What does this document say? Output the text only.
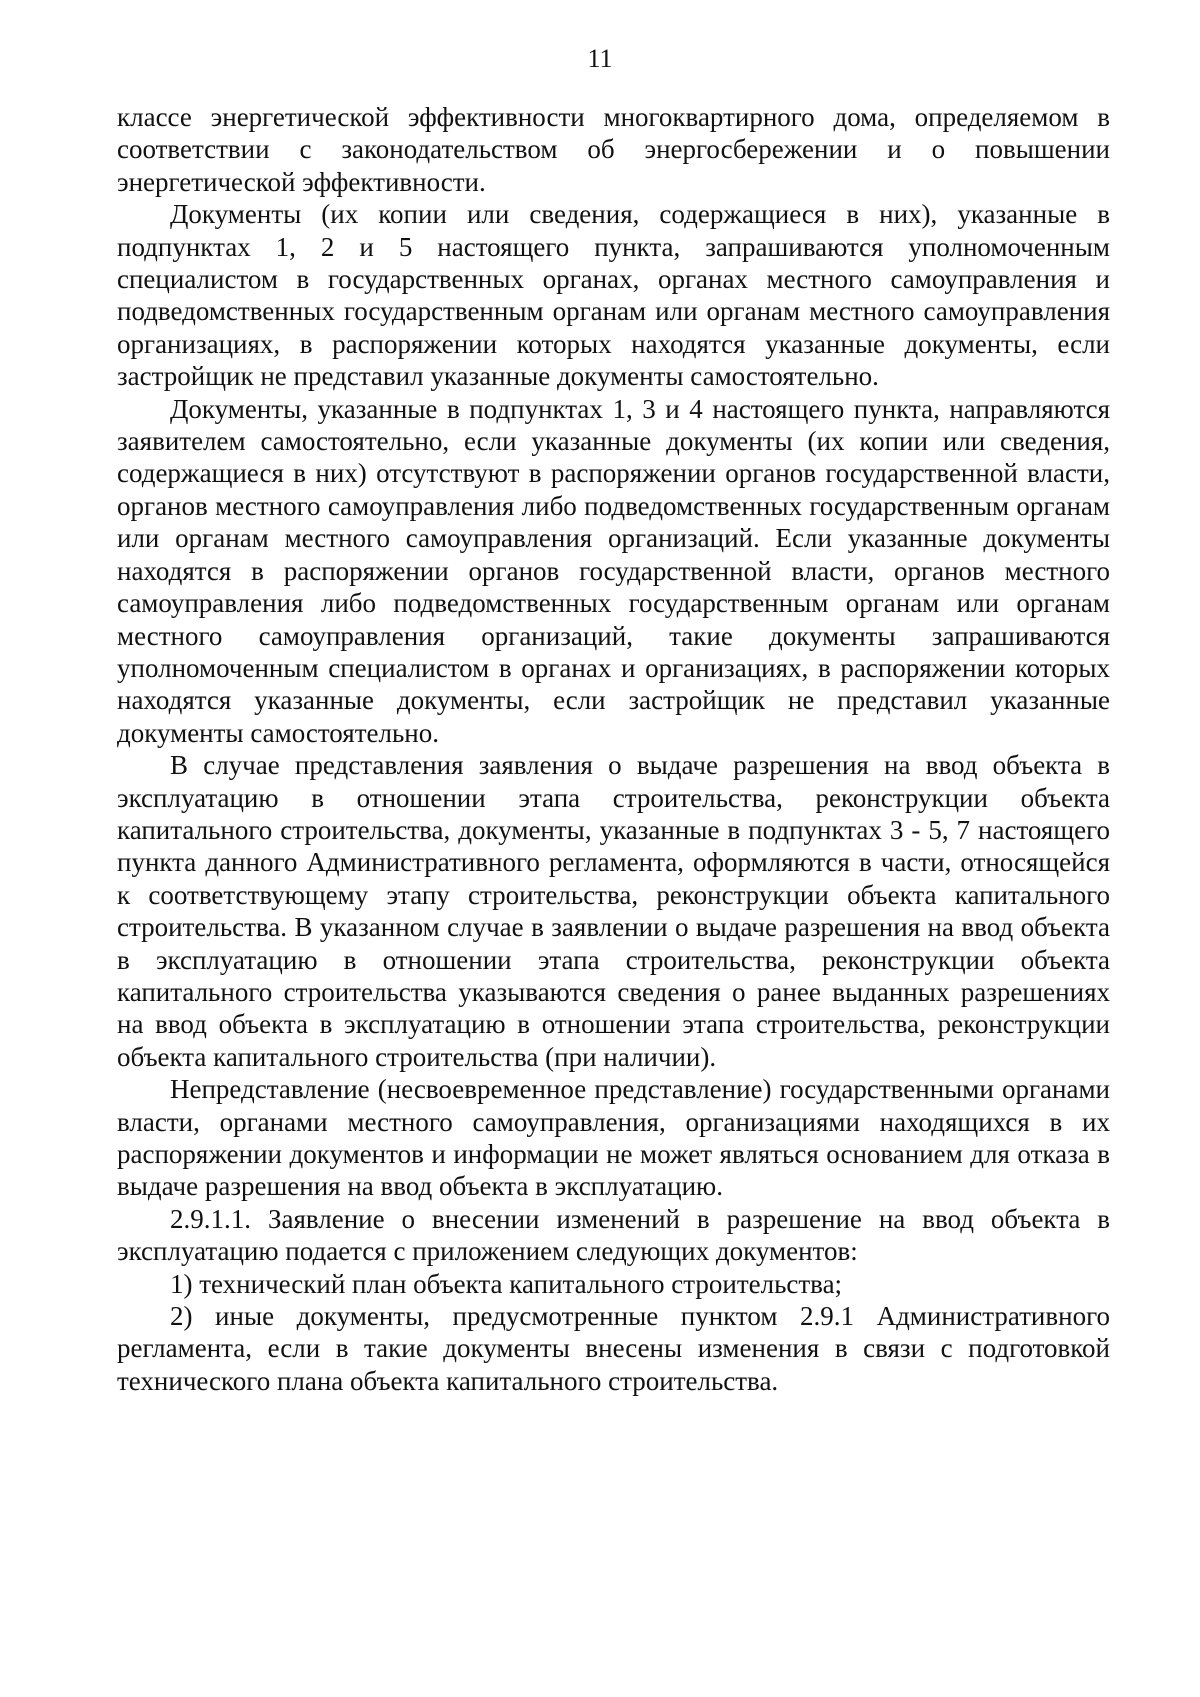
11

классе энергетической эффективности многоквартирного дома, определяемом в соответствии с законодательством об энергосбережении и о повышении энергетической эффективности.

Документы (их копии или сведения, содержащиеся в них), указанные в подпунктах 1, 2 и 5 настоящего пункта, запрашиваются уполномоченным специалистом в государственных органах, органах местного самоуправления и подведомственных государственным органам или органам местного самоуправления организациях, в распоряжении которых находятся указанные документы, если застройщик не представил указанные документы самостоятельно.

Документы, указанные в подпунктах 1, 3 и 4 настоящего пункта, направляются заявителем самостоятельно, если указанные документы (их копии или сведения, содержащиеся в них) отсутствуют в распоряжении органов государственной власти, органов местного самоуправления либо подведомственных государственным органам или органам местного самоуправления организаций. Если указанные документы находятся в распоряжении органов государственной власти, органов местного самоуправления либо подведомственных государственным органам или органам местного самоуправления организаций, такие документы запрашиваются уполномоченным специалистом в органах и организациях, в распоряжении которых находятся указанные документы, если застройщик не представил указанные документы самостоятельно.

В случае представления заявления о выдаче разрешения на ввод объекта в эксплуатацию в отношении этапа строительства, реконструкции объекта капитального строительства, документы, указанные в подпунктах 3 - 5, 7 настоящего пункта данного Административного регламента, оформляются в части, относящейся к соответствующему этапу строительства, реконструкции объекта капитального строительства. В указанном случае в заявлении о выдаче разрешения на ввод объекта в эксплуатацию в отношении этапа строительства, реконструкции объекта капитального строительства указываются сведения о ранее выданных разрешениях на ввод объекта в эксплуатацию в отношении этапа строительства, реконструкции объекта капитального строительства (при наличии).

Непредставление (несвоевременное представление) государственными органами власти, органами местного самоуправления, организациями находящихся в их распоряжении документов и информации не может являться основанием для отказа в выдаче разрешения на ввод объекта в эксплуатацию.

2.9.1.1. Заявление о внесении изменений в разрешение на ввод объекта в эксплуатацию подается с приложением следующих документов:

1) технический план объекта капитального строительства;

2) иные документы, предусмотренные пунктом 2.9.1 Административного регламента, если в такие документы внесены изменения в связи с подготовкой технического плана объекта капитального строительства.
